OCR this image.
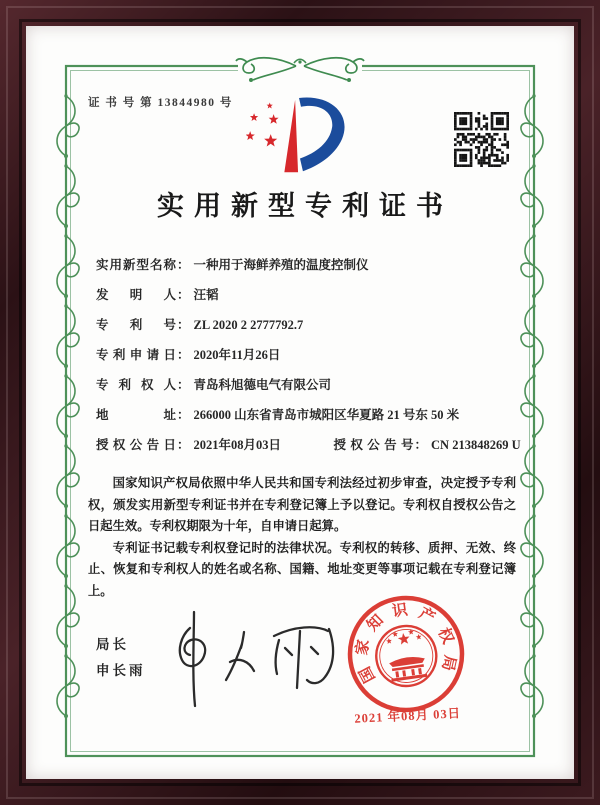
证 书 号 第 13844980 号
实用新型专利证书
实用新型名称 ： 一种用于海鲜养殖的温度控制仪
发明人 ： 汪韬
专利号 ： ZL 2020 2 2777792.7
专利申请日 ： 2020年11月26日
专利权人 ： 青岛科旭德电气有限公司
地址 ： 266000 山东省青岛市城阳区华夏路 21 号东 50 米
授权公告日 ： 2021年08月03日	授权公告号 ： CN 213848269 U

国家知识产权局依照中华人民共和国专利法经过初步审查，决定授予专利权，颁发实用新型专利证书并在专利登记簿上予以登记。专利权自授权公告之日起生效。专利权期限为十年，自申请日起算。

专利证书记载专利权登记时的法律状况。专利权的转移、质押、无效、终止、恢复和专利权人的姓名或名称、国籍、地址变更等事项记载在专利登记簿上。

局长
申长雨	国
家
知
识 产
权
局
2021 年08月 03日
